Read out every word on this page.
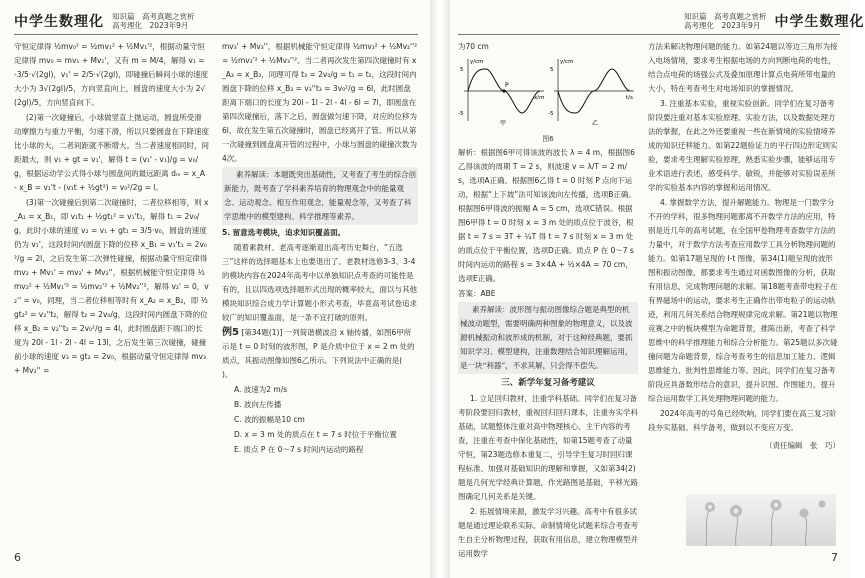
中学生数理化 知识篇　高考真题之赏析
高考理化　2023年9月

守恒定律得 ½mv₀² = ½mv₁² + ½Mv₁'²，根据动量守恒定律得 mv₀ = mv₁ + Mv₁'，又有 m = M/4，解得 v₁ = -3/5·√(2gl)，v₁' = 2/5·√(2gl)，即碰撞后瞬间小球的速度大小为 3√(2gl)/5，方向竖直向上，圆盘的速度大小为 2√(2gl)/5，方向竖直向下。

(2)第一次碰撞后，小球做竖直上抛运动，圆盘所受滑动摩擦力与重力平衡，匀速下滑，所以只要圆盘在下降速度比小球的大，二者间距就不断增大。当二者速度相同时，间距最大，则 v₁ + gt = v₁'，解得 t = (v₁' - v₁)/g = v₀/g，根据运动学公式得小球与圆盘间的最远距离 dₘ = x_A - x_B = v₁'t - (v₁t + ½gt²) = v₀²/2g = l。

(3)第一次碰撞后到第二次碰撞时，二者位移相等，则 x_A₁ = x_B₁，即 v₁t₁ + ½gt₁² = v₁'t₁，解得 t₁ = 2v₀/g，此时小球的速度 v₂ = v₁ + gt₁ = 3/5·v₀，圆盘的速度仍为 v₁'，这段时间内圆盘下降的位移 x_B₁ = v₁'t₁ = 2v₀²/g = 2l，之后发生第二次弹性碰撞，根据动量守恒定律得 mv₂ + Mv₁' = mv₂' + Mv₂''，根据机械能守恒定律得 ½mv₂² + ½Mv₁'² = ½mv₂'² + ½Mv₂''²，解得 v₂' = 0，v₂'' = v₀，同理，当二者位移相等时有 x_A₂ = x_B₂，即 ½gt₂² = v₂''t₂，解得 t₂ = 2v₀/g，这段时间内圆盘下降的位移 x_B₂ = v₂''t₂ = 2v₀²/g = 4l，此时圆盘距下端口的长度为 20l - 1l - 2l - 4l = 13l，之后发生第三次碰撞，碰撞前小球的速度 v₃ = gt₂ = 2v₀，根据动量守恒定律得 mv₃ + Mv₂'' =

mv₃' + Mv₃''，根据机械能守恒定律得 ½mv₃² + ½Mv₂''² = ½mv₃'² + ½Mv₃''²。当二者再次发生第四次碰撞时有 x_A₃ = x_B₃，同理可得 t₃ = 2v₀/g = t₁ = t₂，这段时间内圆盘下降的位移 x_B₃ = v₃''t₃ = 3v₀²/g = 6l，此时圆盘距离下端口的长度为 20l - 1l - 2l - 4l - 6l = 7l，即圆盘在第四次碰撞后，落下之后，圆盘做匀速下降，对应的位移为 6l，故在发生第五次碰撞时，圆盘已经离开了管。所以从第一次碰撞到圆盘离开管的过程中，小球与圆盘的碰撞次数为4次。

素养解读：本题既突出基础性，又考查了考生的综合创新能力，既考查了学科素养培育的物理观念中的能量观念、运动观念、相互作用观念，能量观念等，又考查了科学思维中的模型建构、科学推理等素养。

5. 留意选考模块，追求知识覆盖面。

随着素教材、老高考逐渐退出高考历史舞台，“五选三”这样的选择题基本上也要退出了。老教材选修3-3、3-4的模块内容在2024年高考中以单独知识点考查的可能性是有的，且以四选项选择题形式出现的概率较大，面以与其他模块知识综合成力学计算题小形式考查，毕竟高考试卷追求较广的知识覆盖面，是一条不宜打破的原则。

例5 [第34题(1)] 一列简谐横波沿 x 轴传播，如图6甲所示是 t = 0 时刻的波形图，P 是介质中位于 x = 2 m 处的质点，其振动图像如图6乙所示。下列说法中正确的是(　　)。

A. 波速为2 m/s

B. 波向左传播

C. 波的振幅是10 cm

D. x = 3 m 处的质点在 t = 7 s 时位于平衡位置

E. 质点 P 在 0～7 s 时间内运动的路程

6
知识篇　高考真题之赏析
高考理化　2023年9月	中学生数理化

为70 cm

P
y/cm
x/m
5
-5
甲
y/cm
t/s
5
-5
乙
图6

解析：根据图6甲可得该波的波长 λ = 4 m，根据图6乙得该波的周期 T = 2 s，则波速 v = λ/T = 2 m/s，选项A正确。根据图6乙得 t = 0 时刻 P 点向下运动，根据“上下坡”法可知该波向左传播，选项B正确。根据图6甲得波的振幅 A = 5 cm，选项C错误。根据图6甲得 t = 0 时刻 x = 3 m 处的质点位于波谷，根据 t = 7 s = 3T + ¼T 得 t = 7 s 时刻 x = 3 m 处的质点位于平衡位置，选项D正确。质点 P 在 0～7 s 时间内运动的路程 s = 3×4A + ½×4A = 70 cm，选项E正确。

答案：ABE

素养解读：波形图与振动图像综合题是典型的机械波动题型，需要明确两种图象的物理意义，以及波源机械振动和波形成的机制，对于这种经典题，要抓知识学习、模型建构，注重数理结合知识理解运用，是一块“利器”，不求其解，只会得不偿失。

三、新学年复习备考建议

1. 立足回归教材，注重学科基础。同学们在复习备考阶段要回归教材，重视回归回归课本，注重夯实学科基础，试题整体注重对高中物理核心、主干内容的考查，注重在考查中保化基础性，如第15题考查了动量守恒，第23题选修本重复二，引导学生复习时回归课程标准、加强对基础知识的理解和掌握，又如第34(2)题是几何光学经典计算题，作光路图是基础，平移光路图确定几何关系是关键。

2. 拓展情境来源，激发学习兴趣。高考中有很多试题是通过理论联系实际、命制情境化试题来综合考查考生自主分析物理过程，获取有用信息，建立物理模型并运用数学

方法来解决物理问题的能力。如第24题以等边三角形为接入电场情境，要求考生根据电场的方向判断电荷的电性，结合点电荷的场强公式及叠加原理计算点电荷所带电量的大小，特在考查考生对电场知识的掌握情况。

3. 注重基本实验，重视实验创新。同学们在复习备考阶段要注重对基本实验原理、实验方法，以及数据处理方法的掌握，在此之外还要重视一些在新情境的实验情境养成的知识迁移能力。如第22题验证力的平行四边形定则实验，要求考生理解实验原理，熟悉实验步骤，能够运用专业术语进行表述，感受科学、敏锐，并能够对实验误差所学的实验基本内容的掌握和运用情况。

4. 掌握数学方法，提升解题能力。物理是一门数学分不开的学科，很多物理问题都离不开数学方法的应用，特别是近几年的高考试题，在全国甲卷物理考查数学方法的力量中，对于数学方法考查应用数学工具分析物理问题的能力。如第17题呈现的 I-t 图像，第34(1)题呈现的波形图和振动图像，都要求考生通过对函数图像的分析，获取有用信息，完成物理问题的求解。第18题考查带电粒子在有界磁场中的运动，要求考生正确作出带电粒子的运动轨迹，利用几何关系结合物理规律完成求解。第21题以物理竞赛之中的板块模型为命题背景，推陈出新，考查了科学思维中的科学推理能力和综合分析能力。第25题以多次碰撞问题为命题背景，综合考查考生的信息加工能力、逻辑思维能力、批判性思维能力等。因此，同学们在复习备考阶段应具备数形结合的意识，提升识图、作图能力，提升综合运用数学工具处理物理问题的能力。

2024年高考的号角已经吹响，同学们要在高三复习阶段夯实基础、科学备考，做到以不变应万变。

（责任编辑　张　巧）
7
